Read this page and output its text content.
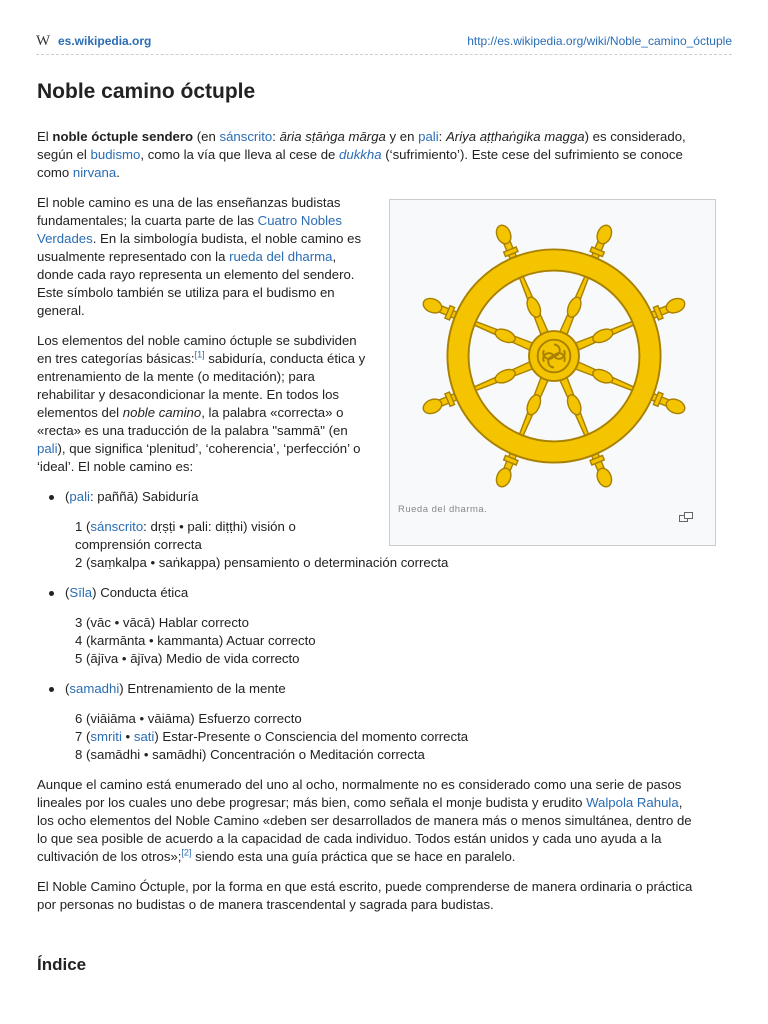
W es.wikipedia.org	http://es.wikipedia.org/wiki/Noble_camino_óctuple
Noble camino óctuple
Rueda del dharma.

El noble óctuple sendero (en sánscrito: āria sṭāṅga mārga y en pali: Ariya aṭṭhaṅgika magga) es considerado, según el budismo, como la vía que lleva al cese de dukkha (‘sufrimiento’). Este cese del sufrimiento se conoce como nirvana.

El noble camino es una de las enseñanzas budistas fundamentales; la cuarta parte de las Cuatro Nobles Verdades. En la simbología budista, el noble camino es usualmente representado con la rueda del dharma, donde cada rayo representa un elemento del sendero. Este símbolo también se utiliza para el budismo en general.

Los elementos del noble camino óctuple se subdividen en tres categorías básicas:[1] sabiduría, conducta ética y entrenamiento de la mente (o meditación); para rehabilitar y desacondicionar la mente. En todos los elementos del noble camino, la palabra «correcta» o «recta» es una traducción de la palabra "sammā" (en pali), que significa ‘plenitud’, ‘coherencia’, ‘perfección’ o ‘ideal’. El noble camino es:

(pali: paññā) Sabiduría
1 (sánscrito: dṛṣṭi • pali: diṭṭhi) visión o comprensión correcta
2 (saṃkalpa • saṅkappa) pensamiento o determinación correcta
(Sīla) Conducta ética
3 (vāc • vācā) Hablar correcto
4 (karmānta • kammanta) Actuar correcto
5 (ājīva • ājīva) Medio de vida correcto
(samadhi) Entrenamiento de la mente
6 (viāiāma • vāiāma) Esfuerzo correcto
7 (smriti • sati) Estar-Presente o Consciencia del momento correcta
8 (samādhi • samādhi) Concentración o Meditación correcta

Aunque el camino está enumerado del uno al ocho, normalmente no es considerado como una serie de pasos lineales por los cuales uno debe progresar; más bien, como señala el monje budista y erudito Walpola Rahula, los ocho elementos del Noble Camino «deben ser desarrollados de manera más o menos simultánea, dentro de lo que sea posible de acuerdo a la capacidad de cada individuo. Todos están unidos y cada uno ayuda a la cultivación de los otros»;[2] siendo esta una guía práctica que se hace en paralelo.

El Noble Camino Óctuple, por la forma en que está escrito, puede comprenderse de manera ordinaria o práctica por personas no budistas o de manera trascendental y sagrada para budistas.

Índice
